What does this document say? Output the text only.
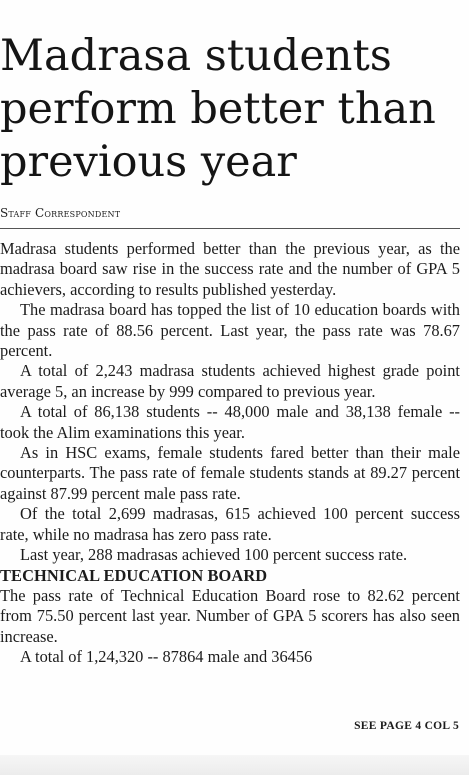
Madrasa students perform better than previous year
Staff Correspondent

Madrasa students performed better than the previous year, as the madrasa board saw rise in the success rate and the number of GPA 5 achievers, according to results published yesterday.

The madrasa board has topped the list of 10 education boards with the pass rate of 88.56 percent. Last year, the pass rate was 78.67 percent.

A total of 2,243 madrasa students achieved highest grade point average 5, an increase by 999 compared to previous year.

A total of 86,138 students -- 48,000 male and 38,138 female -- took the Alim examinations this year.

As in HSC exams, female students fared better than their male counterparts. The pass rate of female students stands at 89.27 percent against 87.99 percent male pass rate.

Of the total 2,699 madrasas, 615 achieved 100 percent success rate, while no madrasa has zero pass rate.

Last year, 288 madrasas achieved 100 percent success rate.

TECHNICAL EDUCATION BOARD

The pass rate of Technical Education Board rose to 82.62 percent from 75.50 percent last year. Number of GPA 5 scorers has also seen increase.

A total of 1,24,320 -- 87864 male and 36456

SEE PAGE 4 COL 5
